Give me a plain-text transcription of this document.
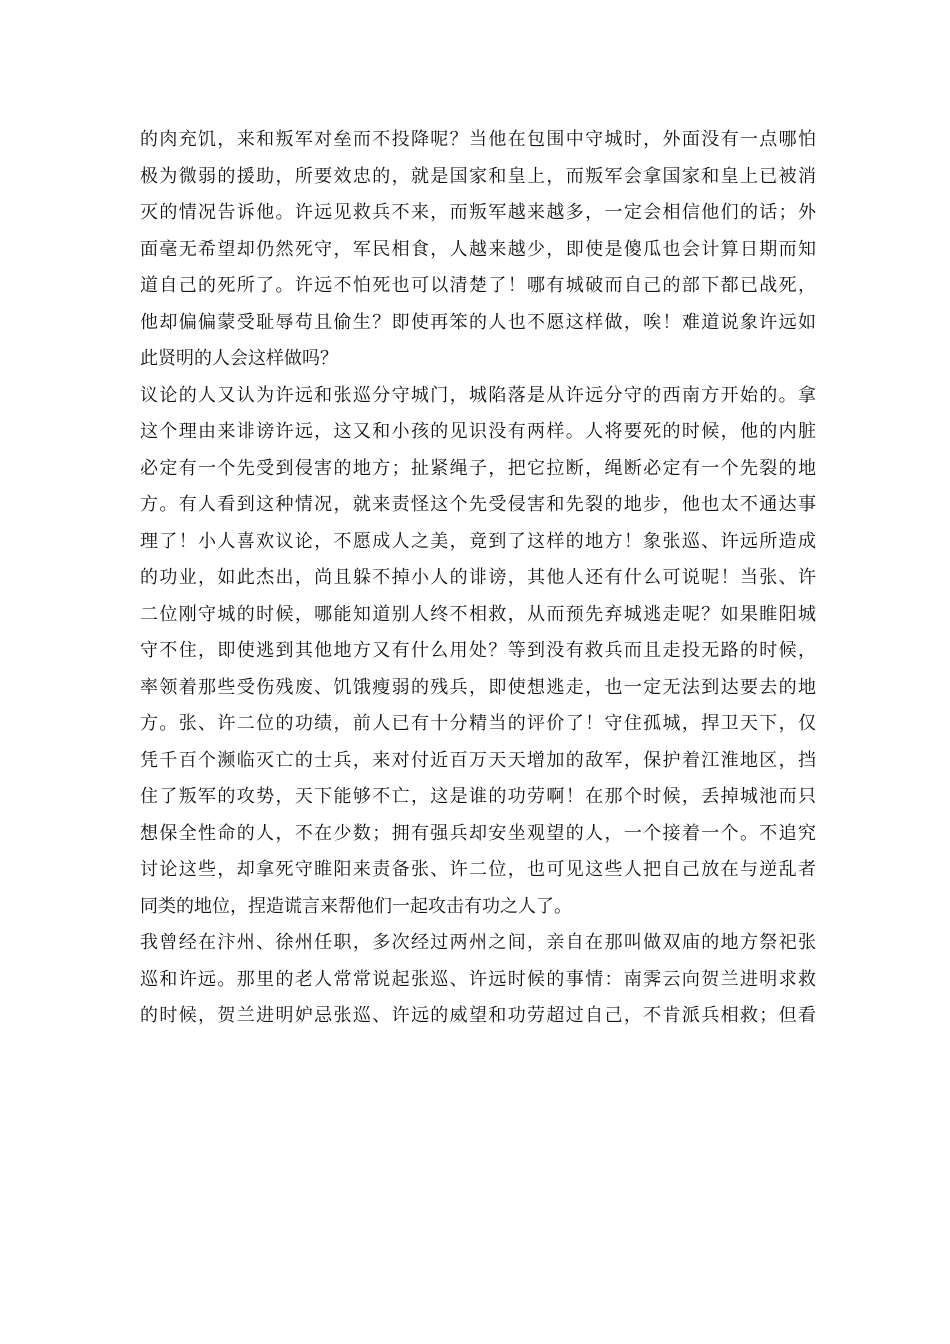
的肉充饥，来和叛军对垒而不投降呢？当他在包围中守城时，外面没有一点哪怕
极为微弱的援助，所要效忠的，就是国家和皇上，而叛军会拿国家和皇上已被消
灭的情况告诉他。许远见救兵不来，而叛军越来越多，一定会相信他们的话；外
面毫无希望却仍然死守，军民相食，人越来越少，即使是傻瓜也会计算日期而知
道自己的死所了。许远不怕死也可以清楚了！哪有城破而自己的部下都已战死，
他却偏偏蒙受耻辱苟且偷生？即使再笨的人也不愿这样做，唉！难道说象许远如
此贤明的人会这样做吗？
议论的人又认为许远和张巡分守城门，城陷落是从许远分守的西南方开始的。拿
这个理由来诽谤许远，这又和小孩的见识没有两样。人将要死的时候，他的内脏
必定有一个先受到侵害的地方；扯紧绳子，把它拉断，绳断必定有一个先裂的地
方。有人看到这种情况，就来责怪这个先受侵害和先裂的地步，他也太不通达事
理了！小人喜欢议论，不愿成人之美，竟到了这样的地方！象张巡、许远所造成
的功业，如此杰出，尚且躲不掉小人的诽谤，其他人还有什么可说呢！当张、许
二位刚守城的时候，哪能知道别人终不相救，从而预先弃城逃走呢？如果睢阳城
守不住，即使逃到其他地方又有什么用处？等到没有救兵而且走投无路的时候，
率领着那些受伤残废、饥饿瘦弱的残兵，即使想逃走，也一定无法到达要去的地
方。张、许二位的功绩，前人已有十分精当的评价了！守住孤城，捍卫天下，仅
凭千百个濒临灭亡的士兵，来对付近百万天天增加的敌军，保护着江淮地区，挡
住了叛军的攻势，天下能够不亡，这是谁的功劳啊！在那个时候，丢掉城池而只
想保全性命的人，不在少数；拥有强兵却安坐观望的人，一个接着一个。不追究
讨论这些，却拿死守睢阳来责备张、许二位，也可见这些人把自己放在与逆乱者
同类的地位，捏造谎言来帮他们一起攻击有功之人了。
我曾经在汴州、徐州任职，多次经过两州之间，亲自在那叫做双庙的地方祭祀张
巡和许远。那里的老人常常说起张巡、许远时候的事情：南霁云向贺兰进明求救
的时候，贺兰进明妒忌张巡、许远的威望和功劳超过自己，不肯派兵相救；但看
